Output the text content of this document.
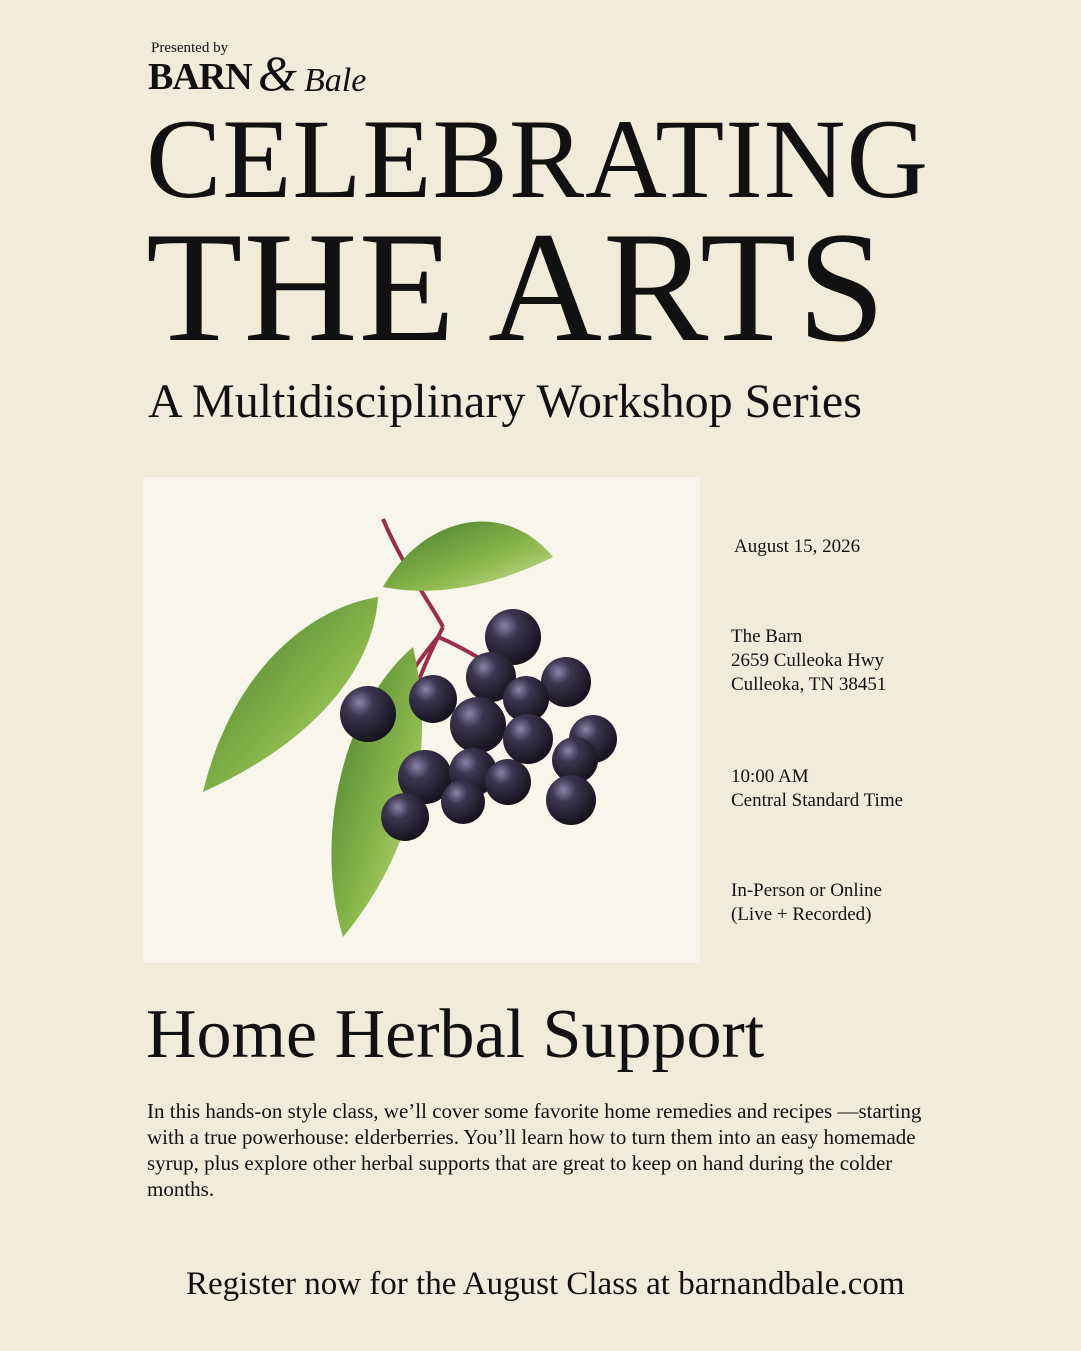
Presented by
BARN & Bale
CELEBRATING
THE ARTS
A Multidisciplinary Workshop Series
August 15, 2026
The Barn
2659 Culleoka Hwy
Culleoka, TN 38451
10:00 AM
Central Standard Time
In-Person or Online
(Live + Recorded)
Home Herbal Support
In this hands-on style class, we’ll cover some favorite home remedies and recipes —starting with a true powerhouse: elderberries. You’ll learn how to turn them into an easy homemade syrup, plus explore other herbal supports that are great to keep on hand during the colder months.
Register now for the August Class at barnandbale.com
